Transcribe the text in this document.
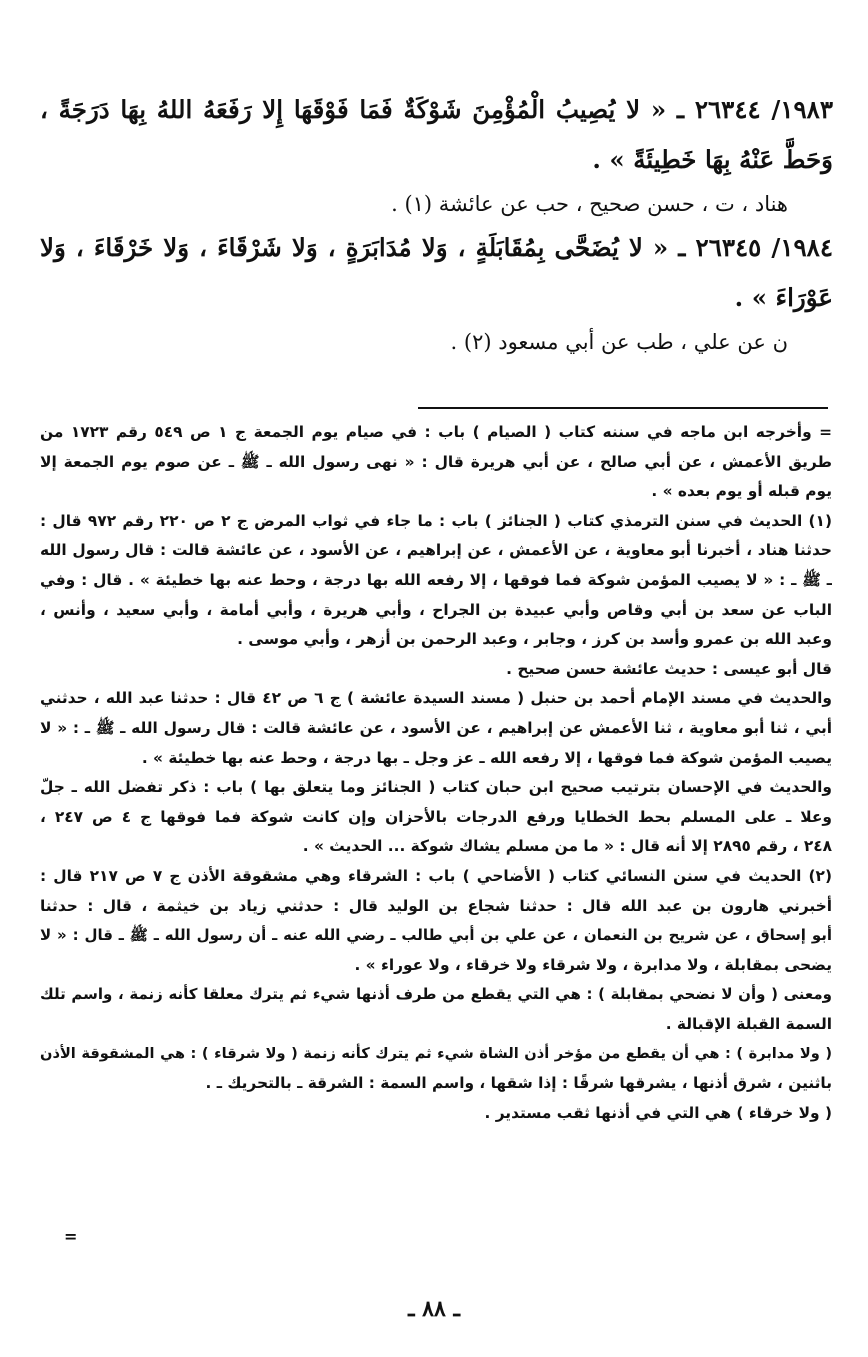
١٩٨٣/ ٢٦٣٤٤ ـ « لا يُصِيبُ الْمُؤْمِنَ شَوْكَةٌ فَمَا فَوْقَهَا إِلا رَفَعَهُ اللهُ بِهَا دَرَجَةً ،
وَحَطَّ عَنْهُ بِهَا خَطِيئَةً » .
هناد ، ت ، حسن صحيح ، حب عن عائشة (١) .
١٩٨٤/ ٢٦٣٤٥ ـ « لا يُضَحَّى بِمُقَابَلَةٍ ، وَلا مُدَابَرَةٍ ، وَلا شَرْقَاءَ ، وَلا خَرْقَاءَ ، وَلا
عَوْرَاءَ » .
ن عن علي ، طب عن أبي مسعود (٢) .
= وأخرجه ابن ماجه في سننه كتاب ( الصيام ) باب : في صيام يوم الجمعة ج ١ ص ٥٤٩ رقم ١٧٢٣ من
طريق الأعمش ، عن أبي صالح ، عن أبي هريرة قال : « نهى رسول الله ـ ﷺ ـ عن صوم يوم الجمعة إلا
يوم قبله أو يوم بعده » .
(١) الحديث في سنن الترمذي كتاب ( الجنائز ) باب : ما جاء في ثواب المرض ج ٢ ص ٢٢٠ رقم ٩٧٢ قال :
حدثنا هناد ، أخبرنا أبو معاوية ، عن الأعمش ، عن إبراهيم ، عن الأسود ، عن عائشة قالت : قال رسول الله
ـ ﷺ ـ : « لا يصيب المؤمن شوكة فما فوقها ، إلا رفعه الله بها درجة ، وحط عنه بها خطيئة » . قال : وفي
الباب عن سعد بن أبي وقاص وأبي عبيدة بن الجراح ، وأبي هريرة ، وأبي أمامة ، وأبي سعيد ، وأنس ،
وعبد الله بن عمرو وأسد بن كرز ، وجابر ، وعبد الرحمن بن أزهر ، وأبي موسى .
قال أبو عيسى : حديث عائشة حسن صحيح .
والحديث في مسند الإمام أحمد بن حنبل ( مسند السيدة عائشة ) ج ٦ ص ٤٢ قال : حدثنا عبد الله ، حدثني
أبي ، ثنا أبو معاوية ، ثنا الأعمش عن إبراهيم ، عن الأسود ، عن عائشة قالت : قال رسول الله ـ ﷺ ـ : « لا
يصيب المؤمن شوكة فما فوقها ، إلا رفعه الله ـ عز وجل ـ بها درجة ، وحط عنه بها خطيئة » .
والحديث في الإحسان بترتيب صحيح ابن حبان كتاب ( الجنائز وما يتعلق بها ) باب : ذكر تفضل الله ـ جلّ
وعلا ـ على المسلم بحط الخطايا ورفع الدرجات بالأحزان وإن كانت شوكة فما فوقها ج ٤ ص ٢٤٧ ،
٢٤٨ ، رقم ٢٨٩٥ إلا أنه قال : « ما من مسلم يشاك شوكة ... الحديث » .
(٢) الحديث في سنن النسائي كتاب ( الأضاحي ) باب : الشرقاء وهي مشقوقة الأذن ج ٧ ص ٢١٧ قال :
أخبرني هارون بن عبد الله قال : حدثنا شجاع بن الوليد قال : حدثني زياد بن خيثمة ، قال : حدثنا
أبو إسحاق ، عن شريح بن النعمان ، عن علي بن أبي طالب ـ رضي الله عنه ـ أن رسول الله ـ ﷺ ـ قال : « لا
يضحى بمقابلة ، ولا مدابرة ، ولا شرقاء ولا خرقاء ، ولا عوراء » .
ومعنى ( وأن لا نضحي بمقابلة ) : هي التي يقطع من طرف أذنها شيء ثم يترك معلقا كأنه زنمة ، واسم تلك
السمة القبلة الإقبالة .
( ولا مدابرة ) : هي أن يقطع من مؤخر أذن الشاة شيء ثم يترك كأنه زنمة ( ولا شرقاء ) : هي المشقوقة الأذن
باثنين ، شرق أذنها ، يشرقها شرقًا : إذا شقها ، واسم السمة : الشرقة ـ بالتحريك ـ .
( ولا خرقاء ) هي التي في أذنها ثقب مستدير .
=
ـ ٨٨ ـ
